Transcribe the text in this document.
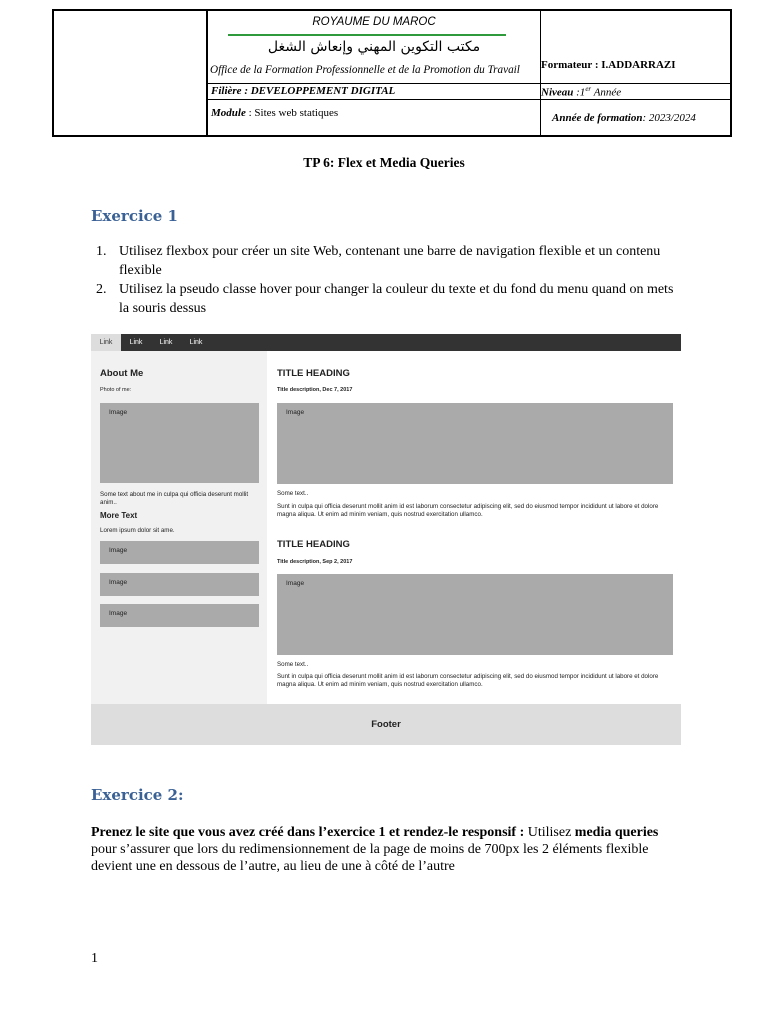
ROYAUME DU MAROC
مكتب التكوين المهني وإنعاش الشغل
Office de la Formation Professionnelle et de la Promotion du Travail	Formateur : I.ADDARRAZI
Filière : DEVELOPPEMENT DIGITAL	Niveau :1er Année
Module : Sites web statiques	Année de formation: 2023/2024
TP 6: Flex et Media Queries
Exercice 1
1. Utilisez flexbox pour créer un site Web, contenant une barre de navigation flexible et un contenu flexible
2. Utilisez la pseudo classe hover pour changer la couleur du texte et du fond du menu quand on mets la souris dessus
Link	Link	Link	Link
About Me
Photo of me:
Image
Some text about me in culpa qui officia deserunt mollit anim..
More Text
Lorem ipsum dolor sit ame.
Image
Image
Image
TITLE HEADING
Title description, Dec 7, 2017
Image
Some text..
Sunt in culpa qui officia deserunt mollit anim id est laborum consectetur adipiscing elit, sed do eiusmod tempor incididunt ut labore et dolore magna aliqua. Ut enim ad minim veniam, quis nostrud exercitation ullamco.
TITLE HEADING
Title description, Sep 2, 2017
Image
Some text..
Sunt in culpa qui officia deserunt mollit anim id est laborum consectetur adipiscing elit, sed do eiusmod tempor incididunt ut labore et dolore magna aliqua. Ut enim ad minim veniam, quis nostrud exercitation ullamco.
Footer
Exercice 2:
Prenez le site que vous avez créé dans l’exercice 1 et rendez-le responsif : Utilisez media queries pour s’assurer que lors du redimensionnement de la page de moins de 700px les 2 éléments flexible devient une en dessous de l’autre, au lieu de une à côté de l’autre
1
